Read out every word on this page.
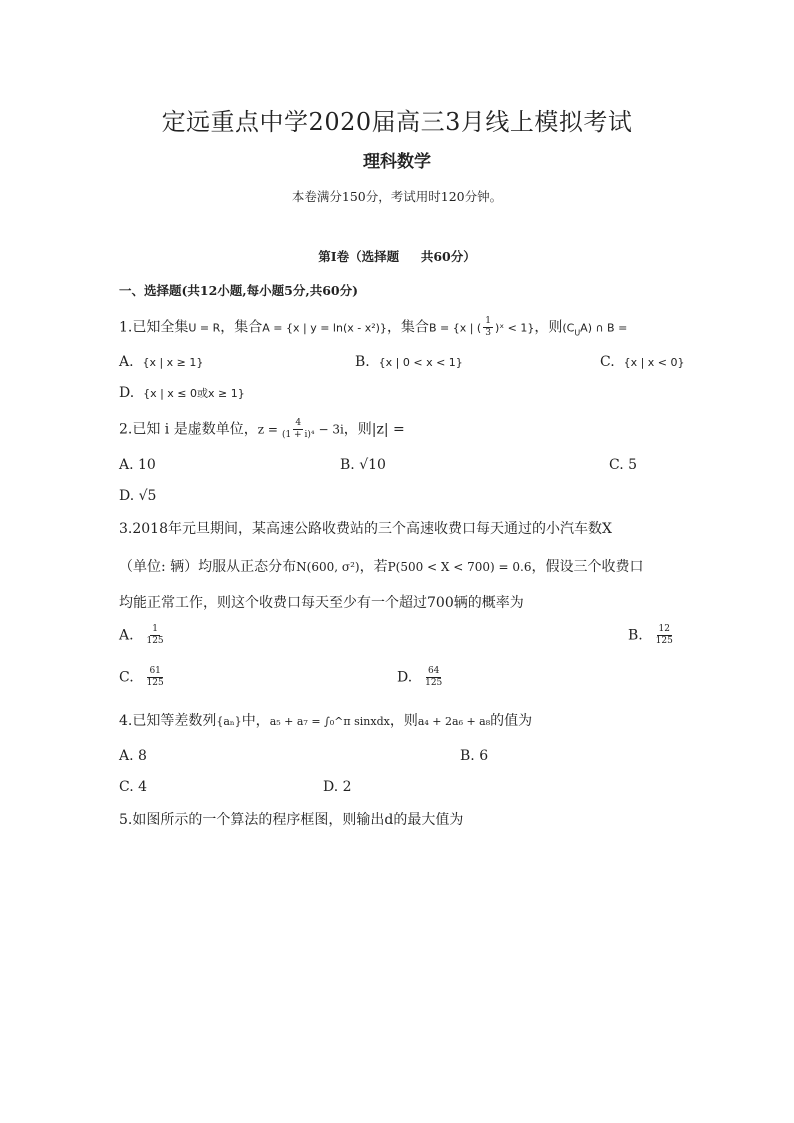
定远重点中学2020届高三3月线上模拟考试
理科数学
本卷满分150分，考试用时120分钟。
第I卷（选择题     共60分）
一、选择题(共12小题,每小题5分,共60分)
1.已知全集U = R，集合A = {x | y = ln(x - x²)}，集合B = {x | ( $\frac{1}{3}$ )ˣ < 1}，则$(C_UA)$ ∩ B =
A. {x | x ≥ 1}	B. {x | 0 < x < 1}	C. {x | x < 0}
D. {x | x ≤ 0或x ≥ 1}
2.已知 i 是虚数单位，$z = \frac{4}{\text{(1 + i)⁴}} - 3i$，则|z| =
A. 10	B. √10	C. 5
D. √5
3.2018年元旦期间，某高速公路收费站的三个高速收费口每天通过的小汽车数X
（单位: 辆）均服从正态分布N(600, σ²)，若P(500 < X < 700) = 0.6，假设三个收费口
均能正常工作，则这个收费口每天至少有一个超过700辆的概率为
A. $\frac{1}{125}$	B. $\frac{12}{125}$
C. $\frac{61}{125}$	D. $\frac{64}{125}$
4.已知等差数列{aₙ}中，a₅ + a₇ = ∫₀^π sinxdx，则a₄ + 2a₆ + a₈的值为
A. 8	B. 6
C. 4	D. 2
5.如图所示的一个算法的程序框图，则输出d的最大值为
